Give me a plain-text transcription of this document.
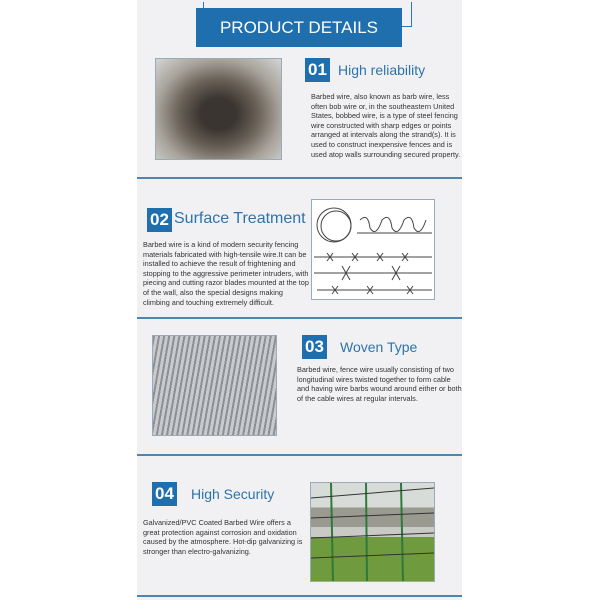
PRODUCT DETAILS
01 High reliability
Barbed wire, also known as barb wire, less often bob wire or, in the southeastern United States, bobbed wire, is a type of steel fencing wire constructed with sharp edges or points arranged at intervals along the strand(s). It is used to construct inexpensive fences and is used atop walls surrounding secured property.
02 Surface Treatment
Barbed wire is a kind of modern security fencing materials fabricated with high-tensile wire.It can be installed to achieve the result of frightening and stopping to the aggressive perimeter intruders, with piecing and cutting razor blades mounted at the top of the wall, also the special designs making climbing and touching extremely difficult.
03 Woven Type
Barbed wire, fence wire usually consisting of two longitudinal wires twisted together to form cable and having wire barbs wound around either or both of the cable wires at regular intervals.
04 High Security
Galvanized/PVC Coated Barbed Wire offers a great protection against corrosion and oxidation caused by the atmosphere. Hot-dip galvanizing is stronger than electro-galvanizing.
